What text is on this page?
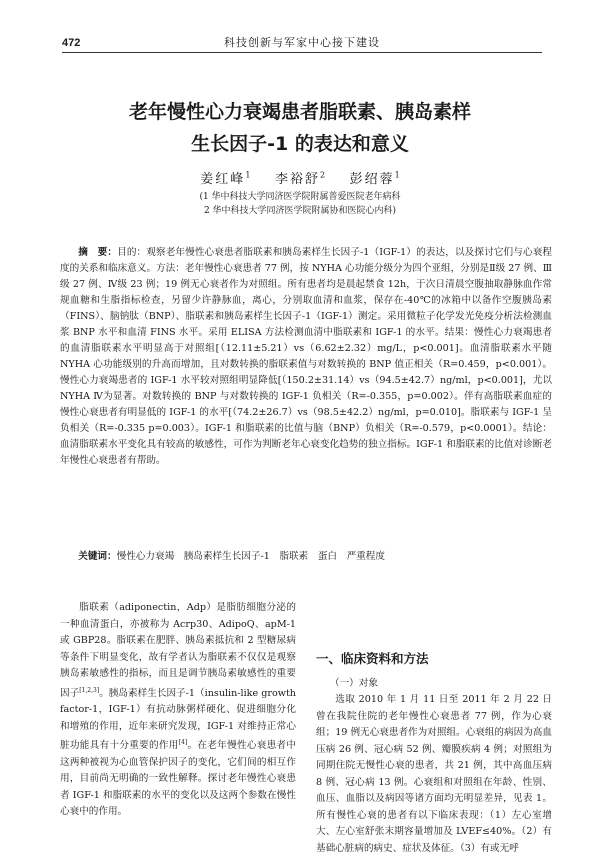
472	科技创新与军家中心接下建设
老年慢性心力衰竭患者脂联素、胰岛素样
生长因子-1 的表达和意义
姜红峰$^1$ 李裕舒$^2$ 彭绍蓉$^1$
(1 华中科技大学同济医学院附属普爱医院老年病科
2 华中科技大学同济医学院附属协和医院心内科)
摘　要：目的：观察老年慢性心衰患者脂联素和胰岛素样生长因子-1（IGF-1）的表达，以及探讨它们与心衰程度的关系和临床意义。方法：老年慢性心衰患者 77 例，按 NYHA 心功能分级分为四个亚组，分别是Ⅱ级 27 例、Ⅲ级 27 例、Ⅳ级 23 例；19 例无心衰者作为对照组。所有患者均是晨起禁食 12h，于次日清晨空腹抽取静脉血作常规血糖和生脂指标检查，另留少许静脉血，离心，分别取血清和血浆，保存在-40℃的冰箱中以备作空腹胰岛素（FINS）、脑钠肽（BNP）、脂联素和胰岛素样生长因子-1（IGF-1）测定。采用微粒子化学发光免疫分析法检测血浆 BNP 水平和血清 FINS 水平。采用 ELISA 方法检测血清中脂联素和 IGF-1 的水平。结果：慢性心力衰竭患者的血清脂联素水平明显高于对照组[（12.11±5.21）vs（6.62±2.32）mg/L，p<0.001]。血清脂联素水平随 NYHA 心功能级别的升高而增加，且对数转换的脂联素值与对数转换的 BNP 值正相关（R=0.459，p<0.001）。慢性心力衰竭患者的 IGF-1 水平较对照组明显降低[（150.2±31.14）vs（94.5±42.7）ng/ml，p<0.001]，尤以 NYHA Ⅳ为显著。对数转换的 BNP 与对数转换的 IGF-1 负相关（R=-0.355，p=0.002）。伴有高脂联素血症的慢性心衰患者有明显低的 IGF-1 的水平[（74.2±26.7）vs（98.5±42.2）ng/ml，p=0.010]。脂联素与 IGF-1 呈负相关（R=-0.335 p=0.003）。IGF-1 和脂联素的比值与脑（BNP）负相关（R=-0.579，p<0.0001）。结论：血清脂联素水平变化具有较高的敏感性，可作为判断老年心衰变化趋势的独立指标。IGF-1 和脂联素的比值对诊断老年慢性心衰患者有帮助。
关键词：慢性心力衰竭　胰岛素样生长因子-1　脂联素　蛋白　严重程度
脂联素（adiponectin，Adp）是脂肪细胞分泌的一种血清蛋白，亦被称为 Acrp30、AdipoQ、apM-1 或 GBP28。脂联素在肥胖、胰岛素抵抗和 2 型糖尿病等条件下明显变化，故有学者认为脂联素不仅仅是观察胰岛素敏感性的指标，而且是调节胰岛素敏感性的重要因子[1,2,3]。胰岛素样生长因子-1（insulin-like growth factor-1，IGF-1）有抗动脉粥样硬化、促进细胞分化和增殖的作用，近年来研究发现，IGF-1 对维持正常心脏功能具有十分重要的作用[4]。在老年慢性心衰患者中这两种被视为心血管保护因子的变化，它们间的相互作用，目前尚无明确的一致性解释。探讨老年慢性心衰患者 IGF-1 和脂联素的水平的变化以及这两个参数在慢性心衰中的作用。
一、临床资料和方法
（一）对象
选取 2010 年 1 月 11 日至 2011 年 2 月 22 日曾在我院住院的老年慢性心衰患者 77 例，作为心衰组；19 例无心衰患者作为对照组。心衰组的病因为高血压病 26 例、冠心病 52 例、瓣膜疾病 4 例；对照组为同期住院无慢性心衰的患者，共 21 例，其中高血压病 8 例、冠心病 13 例。心衰组和对照组在年龄、性别、血压、血脂以及病因等诸方面均无明显差异，见表 1。所有慢性心衰的患者有以下临床表现：（1）左心室增大、左心室舒张末期容量增加及 LVEF≤40%。（2）有基础心脏病的病史、症状及体征。（3）有或无呼
